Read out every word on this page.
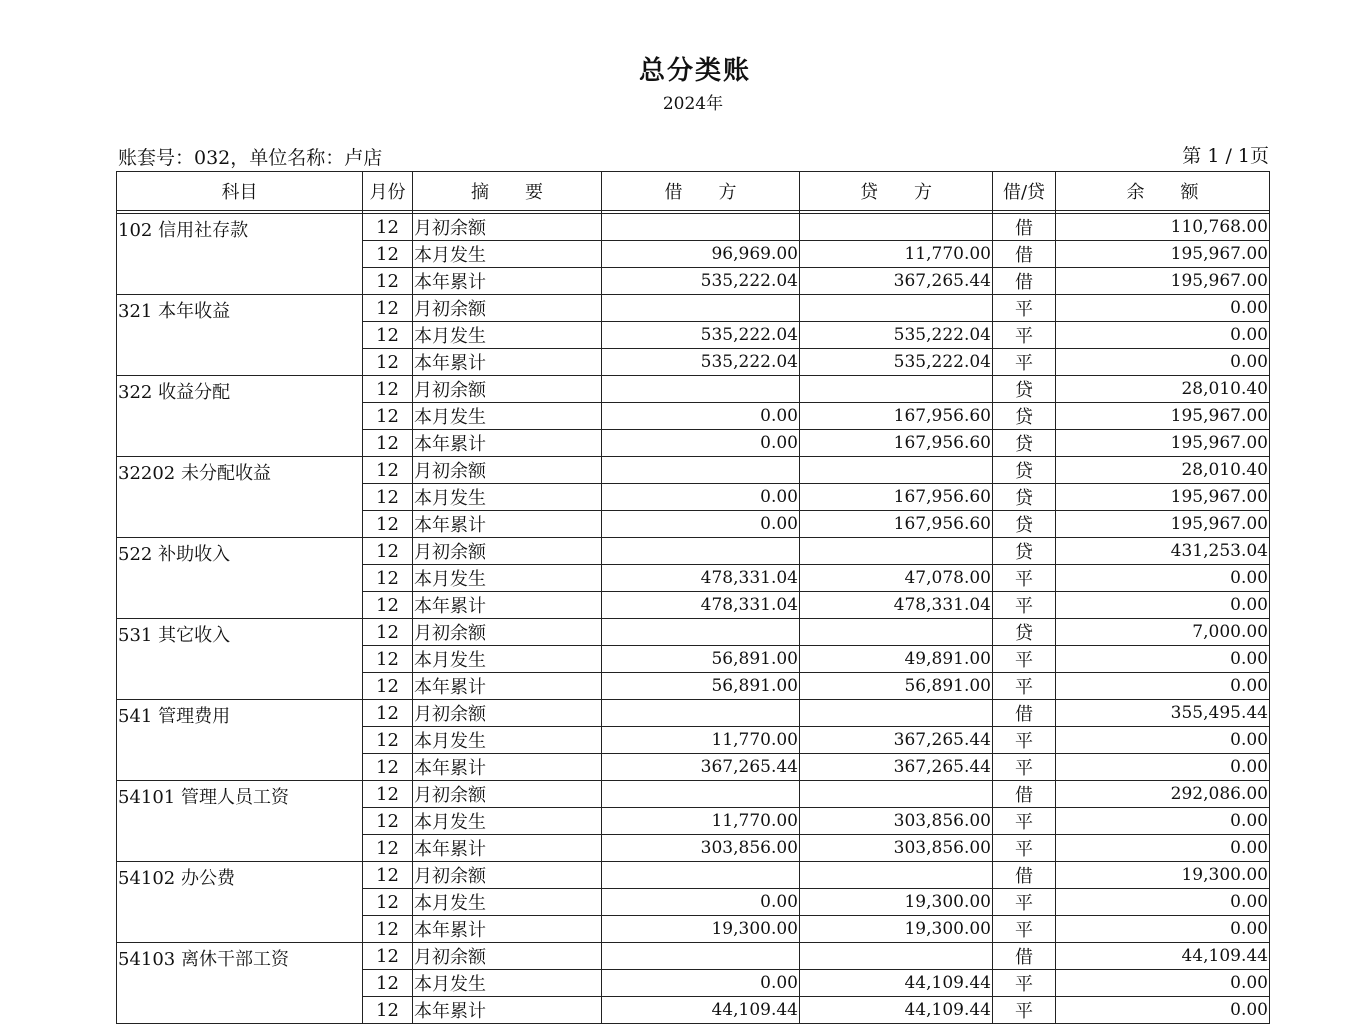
总分类账
2024年
账套号：032，单位名称：卢店	第 1 / 1页
科目	月份	摘　　要	借　　方	贷　　方	借/贷	余　　额

102 信用社存款	12	月初余额			借	110,768.00
	12	本月发生	96,969.00	11,770.00	借	195,967.00
	12	本年累计	535,222.04	367,265.44	借	195,967.00
321 本年收益	12	月初余额			平	0.00
	12	本月发生	535,222.04	535,222.04	平	0.00
	12	本年累计	535,222.04	535,222.04	平	0.00
322 收益分配	12	月初余额			贷	28,010.40
	12	本月发生	0.00	167,956.60	贷	195,967.00
	12	本年累计	0.00	167,956.60	贷	195,967.00
32202 未分配收益	12	月初余额			贷	28,010.40
	12	本月发生	0.00	167,956.60	贷	195,967.00
	12	本年累计	0.00	167,956.60	贷	195,967.00
522 补助收入	12	月初余额			贷	431,253.04
	12	本月发生	478,331.04	47,078.00	平	0.00
	12	本年累计	478,331.04	478,331.04	平	0.00
531 其它收入	12	月初余额			贷	7,000.00
	12	本月发生	56,891.00	49,891.00	平	0.00
	12	本年累计	56,891.00	56,891.00	平	0.00
541 管理费用	12	月初余额			借	355,495.44
	12	本月发生	11,770.00	367,265.44	平	0.00
	12	本年累计	367,265.44	367,265.44	平	0.00
54101 管理人员工资	12	月初余额			借	292,086.00
	12	本月发生	11,770.00	303,856.00	平	0.00
	12	本年累计	303,856.00	303,856.00	平	0.00
54102 办公费	12	月初余额			借	19,300.00
	12	本月发生	0.00	19,300.00	平	0.00
	12	本年累计	19,300.00	19,300.00	平	0.00
54103 离休干部工资	12	月初余额			借	44,109.44
	12	本月发生	0.00	44,109.44	平	0.00
	12	本年累计	44,109.44	44,109.44	平	0.00
